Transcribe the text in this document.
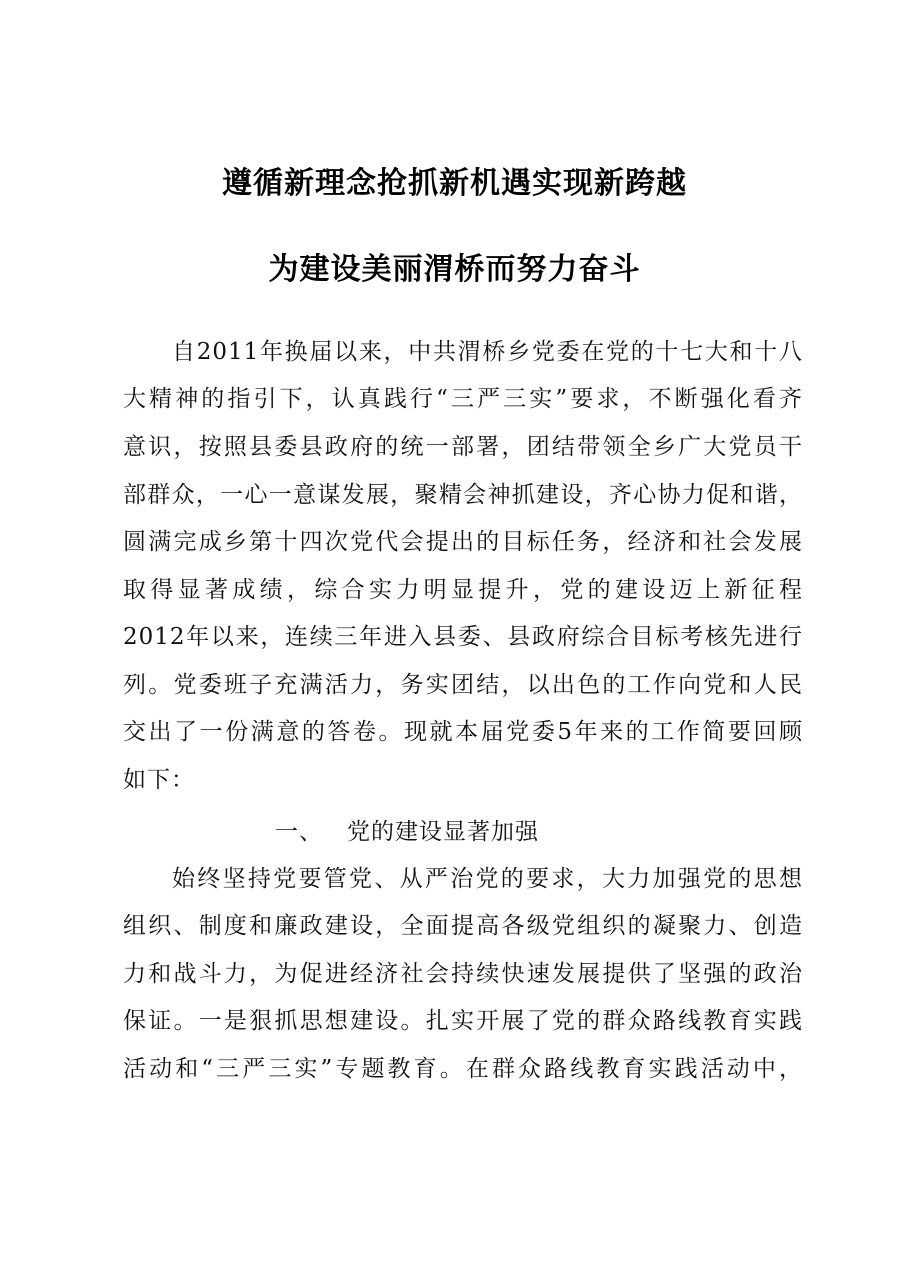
遵循新理念抢抓新机遇实现新跨越
为建设美丽渭桥而努力奋斗
自2011年换届以来，中共渭桥乡党委在党的十七大和十八
大精神的指引下，认真践行“三严三实”要求，不断强化看齐
意识，按照县委县政府的统一部署，团结带领全乡广大党员干
部群众，一心一意谋发展，聚精会神抓建设，齐心协力促和谐，
圆满完成乡第十四次党代会提出的目标任务，经济和社会发展
取得显著成绩，综合实力明显提升，党的建设迈上新征程
2012年以来，连续三年进入县委、县政府综合目标考核先进行
列。党委班子充满活力，务实团结，以出色的工作向党和人民
交出了一份满意的答卷。现就本届党委5年来的工作简要回顾
如下：
一、 党的建设显著加强
始终坚持党要管党、从严治党的要求，大力加强党的思想
组织、制度和廉政建设，全面提高各级党组织的凝聚力、创造
力和战斗力，为促进经济社会持续快速发展提供了坚强的政治
保证。一是狠抓思想建设。扎实开展了党的群众路线教育实践
活动和“三严三实”专题教育。在群众路线教育实践活动中，
